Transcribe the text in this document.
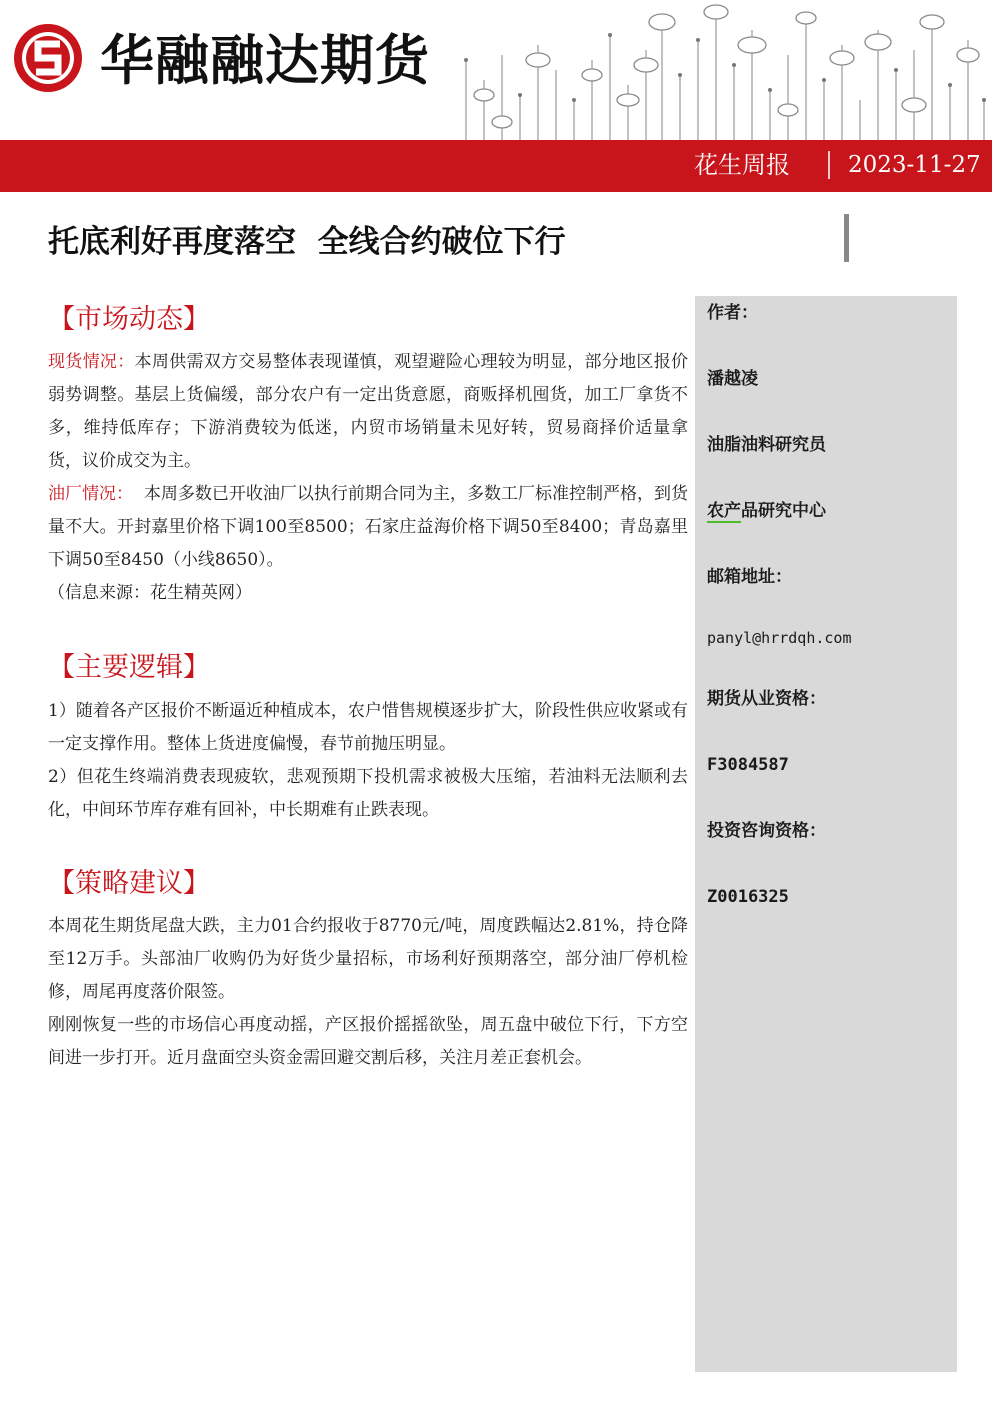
华融融达期货
花生周报	2023-11-27
托底利好再度落空  全线合约破位下行
作者：
潘越凌
油脂油料研究员
农产品研究中心
邮箱地址：
panyl@hrrdqh.com
期货从业资格：
F3084587
投资咨询资格：
Z0016325
【市场动态】
现货情况：本周供需双方交易整体表现谨慎，观望避险心理较为明显，部分地区报价弱势调整。基层上货偏缓，部分农户有一定出货意愿，商贩择机囤货，加工厂拿货不多，维持低库存；下游消费较为低迷，内贸市场销量未见好转，贸易商择价适量拿货，议价成交为主。
油厂情况：  本周多数已开收油厂以执行前期合同为主，多数工厂标准控制严格，到货量不大。开封嘉里价格下调100至8500；石家庄益海价格下调50至8400；青岛嘉里下调50至8450（小线8650）。
（信息来源：花生精英网）
【主要逻辑】
1）随着各产区报价不断逼近种植成本，农户惜售规模逐步扩大，阶段性供应收紧或有一定支撑作用。整体上货进度偏慢，春节前抛压明显。
2）但花生终端消费表现疲软，悲观预期下投机需求被极大压缩，若油料无法顺利去化，中间环节库存难有回补，中长期难有止跌表现。
【策略建议】
本周花生期货尾盘大跌，主力01合约报收于8770元/吨，周度跌幅达2.81%，持仓降至12万手。头部油厂收购仍为好货少量招标，市场利好预期落空，部分油厂停机检修，周尾再度落价限签。
刚刚恢复一些的市场信心再度动摇，产区报价摇摇欲坠，周五盘中破位下行，下方空间进一步打开。近月盘面空头资金需回避交割后移，关注月差正套机会。
